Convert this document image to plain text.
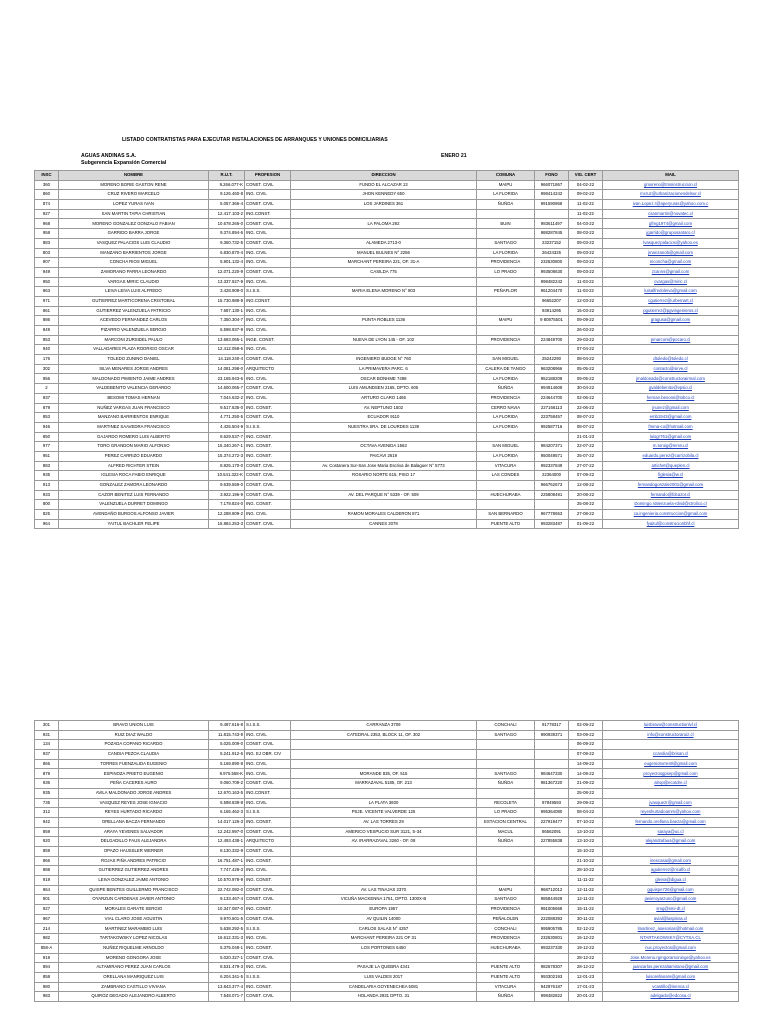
LISTADO CONTRATISTAS PARA EJECUTAR INSTALACIONES DE ARRANQUES Y UNIONES DOMICILIARIAS
AGUAS ANDINAS S.A.
Subgerencia Expansión Comercial
ENERO 21
INSC	NOMBRE	R.U.T.	PROFESION	DIRECCION	COMUNA	FONO	VIG. CERT	MAIL
360	MORENO BORIE GASTON RENE	9.266.077-K	CONST. CIVIL	FUNDO EL ALCAZAR 13	MAIPU	966071867	04-02-22	gmoreno@tmsinstruccion.cl
860	CRUZ RIVERO MARCELO	9.126.460-8	ING. CIVIL	JHON KENNEDY 650	LA FLORIDA	998414242	09-02-22	mcruz@urbanizacionesdelsur.cl
874	LOPEZ YURAS IVAN	5.057.366-4	CONST. CIVIL	LOS JARDINES 361	ÑUÑOA	991590868	11-02-22	ivan.Lopez.r@aperyuras@yahoo.com.c
927	SAN MARTIN TAPIA CHRISTIAN	12.417.103-2	ING.CONST.				11-02-22	csanmartin@novatec.cl
968	MORENO GONZALEZ GONZALO FABIAN	10.678.266-0	CONST. CIVIL	LA PALOMA 292	BUIN	983611497	04-03-22	gfmg1974@gmail.com
958	GARRIDO BARRA JORGE	9.374.894-6	ING. CIVIL			988287845	08-03-22	jgarrido@gruposantaro.cl
883	VASQUEZ PALACIOS LUIS CLAUDIO	9.360.732-5	CONST. CIVIL	ALAMEDA 2713-0	SANTIAGO	23237152	09-03-22	lvasquezpalacios@yahoo.es
803	MANZANO BARRIENTOS JORGE	6.830.870-4	ING. CIVIL	MANUEL BULNES N° 2256	LA FLORIDA	26424325	09-03-22	jmanzanob@gmail.com
907	CONCHA RIOS MIGUEL	5.901.132-4	ING. CIVIL	MARCHANT PEREIRA 221, OF. 31-A	PROVIDENCIA	232630800	09-03-22	mconcha@gmail.com
949	ZAMORANO PARRA LEONARDO	12.071.220-9	CONST. CIVIL	CASILDA 775	LO PRADO	993508630	09-03-22	zcanns@gmail.com
950	VARGAS MIRIC CLAUDIO	13.337.527-9	ING. CIVIL			998482242	11-03-22	cvargas@miric.cl
863	LEIVA LEIVA LUIS ALFREDO	3.428.909-0	S.I.S.S.	MARIA ELENA MORENO N° 803	PEÑAFLOR	961204470	11-03-22	luisalfredoleiva@gmail.com
971	GUTIERREZ MARTICORENA CRISTOBAL	15.730.988-9	ING.CONST.			96652207	12-03-22	cgutierrez@urbemart.cl
861	GUTIERREZ VALENZUELA PATRICIO	7.687.130-1	ING. CIVIL			93914295	15-03-22	pgutierrez@pgvingenieros.cl
886	ACEVEDO FERNANDEZ CARLOS	7.350.304-7	ING. CIVIL	PUNTA ROBLES 1136	MAIPU	9 80875501	09-09-22	gragusa@gmail.com
849	PIZARRO VALENZUELA SERGIO	6.598.937-9	ING. CIVIL				26-03-22	
853	MARCONI ZURSIDEL PAULO	13.683.065-1	INGE. CONST.	NUEVA DE LYON 145 - OF. 102	PROVIDENCIA	224849700	29-03-22	pmarconi@pocaro.cl
940	VALLADARES PLAZA RODRIGO OSCAR	12.412.058-6	ING. CIVIL				07-04-22	
176	TOLEDO ZUNINO DANIEL	14.118.240-4	CONST. CIVIL	INGENIERO BUDGE N° 760	SAN MIGUEL	25242290	08-04-22	dtoledo@toledo.cl
302	SILVA MENARES JORGE ANDRES	14.081.298-0	ARQUITECTO	LA PRIMAVERA PARC. 6	CALERA DE TANGO	963208966	05-05-22	contacto@sirve.cl
956	MALDONADO PIMIENTO JAIME ANDRES	23.165.943-6	ING. CIVIL	OSCAR BONHME 7498	LA FLORIDA	952188209	09-05-22	jmaldonado@constructorairmal.com
2	VALDEBENITO VALENCIA GERARDO	14.600.065-7	CONST. CIVIL	LUIS AMUNDSEN 2165, DPTO. 605	ÑUÑOA	994914609	30-04-22	gvaldebenito@vpsio.cl
937	BESOMI TOMAS HERNAN	7.044.632-2	ING. CIVIL	ARTURO CLARO 1465	PROVIDENCIA	224644700	02-06-22	hernan.besomi@tobco.cl
879	NUÑEZ VARGAS JUAN FRANCISCO	9.517.635-0	ING. CONST.	AV. NEPTUNO 1502	CERRO NAVIA	227166113	22-06-22	jnunez@gmail.com
853	MANZANO BARRIENTOS ENRIQUE	4.771.250-5	CONST. CIVIL	ECUADOR 9110	LA FLORIDA	223758457	08-07-22	emb1943@gmail.com
946	MARTINEZ SAAVEDRA FRANCISCO	4.425.504-9	S.I.S.S.	NUESTRA SRA. DE LOURDES 1139	LA FLORIDA	992587716	08-07-22	fmma-co@hotmail.com
850	GAJARDO ROMERO LUIS ALBERTO	8.629.537-7	ING. CONST.				21-01-23	luisgr761@gmail.com
977	TORO GRANDON MARIO ALFONSO	15.340.267-1	ING. CONST.	OCTAVA AVENIDA 1563	SAN MIGUEL	984207371	22-07-22	m.toroig@mmru.cl
951	PEREZ CARRIZO EDUARDO	15.374.272-3	ING. CONST.	PAICAVI 2619	LA FLORIDA	950049571	25-07-22	eduardo.perez@carrizobila.cl
883	ALFRED RICHTER STEIN	8.825.170-0	CONST. CIVIL	Av. Costanera Sur-San Jose Maria Escriva de Balaguer N° 5773	VITACURA	992337849	27-07-22	artichet@queplen.cl
935	IGLESIA ROCA FABIO ENRIQUE	10.541.322-K	CONST. CIVIL	ROSARIO NORTE 615, PISO 17	LAS CONDES	22364000	07-09-22	figlesia@w.cl
913	GONZALEZ ZAMORA LEONARDO	9.639.559-0	CONST. CIVIL			966762673	12-08-22	fernandogonzalez001@gmail.com
933	CAZOR BENITEZ LUIS FERNANDO	3.922.196-9	CONST. CIVIL	AV. DEL PARQUE N° 5339 - OF. 509	HUECHURABA	225808491	20-08-22	fernando@fdcazor.cl
800	VALENZUELA DURRET DOMINGO	7.179.824-0	ING. CONST.				25-08-22	Domingo.Valenzuela-rdvid@ctrolico.cl
825	AVENDAÑO BURGOS ALFONSO JAVIER	12.288.809-2	ING. CIVIL	RAMON MORALES CALDERON 871	SAN BERNARDO	967778653	27-08-22	ca.ingenieria.construccion@gmail.com
964	YAITUL BACHLER FELIPE	15.884.253-3	CONST. CIVIL	CANNES 2078	PUENTE ALTO	993283487	01-09-22	fyaitul@construcionbhf.cl
301	BRAVO UNION LUIS	9.487.616-8	S.I.S.S.	CARRANZA 3709	CONCHALI	91778317	02-09-22	luisbravo@constructionlvl.cl
931	RUIZ DIAZ WALDO	11.815.743-9	ING. CIVIL	CATEDRAL 2353, BLOCK 11, OF. 302	SANTIAGO	990939371	03-09-22	info@constructoraruiz.cl
134	POZADA COPANO RICARDO	5.025.009-0	CONST. CIVIL				06-09-22	
937	CANDIA PEZOA CLAUDIA	5.241.912-6	ING. EJ OBR. CIV				07-09-22	ccandia@brisan.cl
866	TORRES FUENZALIDA EUGENIO	5.169.890-8	ING. CIVIL				14-09-22	eugeniotorres8@gmail.com
879	ESPINOZA PRIETO EUGENIO	9.975.558-K	ING. CIVIL	MORANDE 835, OF. 515	SANTIAGO	984647330	14-09-22	proyectosgpsep@gmail.com
936	PEÑA CACERES AURO	9.060.709-2	CONST. CIVIL	MARRAZAVAL 5185, OF. 213	ÑUÑOA	981367220	21-09-22	alrop@ecotdre.cl
935	AVILA MALDONADO JORGE ANDRES	12.670.163-5	ING.CONST.				25-08-22	
735	VASQUEZ REYES JOSE IGNACIO	5.598.839-8	ING. CIVIL	LA PLATA 3600	RECOLETA	97849593	29-09-22	jvasquezr@gmail.com
312	REYES HURTADO RICARDO	6.165.462-3	S.I.S.S.	PSJE. VICENTE VALVERDE 125	LO PRADO	995364080	08-04-22	reyeshurtadoamm@yahoo.com
942	ORELLANA BACZA FERNANDO	14.017.126-3	ING. CONST.	AV. LAS TORRES 29	ESTACION CENTRAL	227919477	07-10-22	fernando.orellana.baeza@gmail.com
859	ARAYA YEVENES SALVADOR	12.242.997-0	CONST. CIVIL	AMERICO VESPUCIO SUR 3121, S-34	MACUL	86562091	13-10-22	saraya@uc.cl
920	DELGADILLO FAUS ALEJANDRA	12.493.438-1	ARQUITECTO	AV. IRARRAZAVAL 3260 - OF. 08	ÑUÑOA	227855838	13-10-22	alejandrafaus@gmail.com
859	OPAZO HAUSSLER WERNER	8.130.332-9	CONST. CIVIL				15-10-22	
866	ROJAS PIÑA ANDRES PATRICIO	16.751.487-1	ING. CONST.				21-10-22	inescasa@gmail.com
888	GUTIERREZ GUTIERREZ ANDRES	7.747.429-3	ING. CIVIL				28-10-22	agutierrez@ricalfo.cl
919	LEIVA GONZALEZ JAIME ANTONIO	10.570.978-9	ING. CONST.				11-11-22	gleiva@digua.cl
964	QUISPE BENITES GUILLERMO FRANCISCO	22.742.082-0	CONST. CIVIL	AV. LAS TINAJAS 2370	MAIPU	968712012	12-11-22	gquispe726@gmail.com
901	OYARZUN CARDENAS JAVIER ANTONIO	9.133.467-4	CONST. CIVIL	VICUÑA MACKENNA 1751, DPTO. 1300X-B	SANTIAGO	985844929	12-11-22	javieroyarzunc@gmail.com
927	MORALES GARATE SERGIO	10.347.087-0	ING. CONST.	EUROPA 1967	PROVIDENCIA	991005668	15-11-22	smg@smi-dt.cl
967	VIAL CLARO JOSE AGUSTIN	9.970.601-5	CONST. CIVIL	AV QUILIN 14000	PEÑALOLEN	222088393	30-11-22	avial@laspinas.cl
214	MARTINEZ MARAMBIO LUIS	5.638.292-5	S.I.S.S.	CARLOS SALAS N° 4257	CONCHALI	995905785	02-12-22	lmartinez_asesorias@hotmail.com
982	TARTAKOWSKY LOPEZ NICOLAS	16.612.331-3	ING. CIVIL	MARCHANT PEREIRA 221 OF 31	PROVIDENCIA	232630801	16-12-22	NTARTAKOWSKY@CYTSA.CL
858-A	NUÑEZ RIQUELME ARNOLDO	5.375.048-1	ING. CONST.	LOS PORTONES 6450	HUECHURABA	993237330	19-12-22	nuc.proyectos@gmail.com
919	MORENO GONGORA JOSE	5.020.327-1	CONST. CIVIL				28-12-22	Jose.Moreno.rgmgoramoninge@yahoo.es
894	ALTAMIRANO PEREZ JUAN CARLOS	8.531.479-3	ING. CIVIL	PASAJE LA QUEBRA 4341	PUENTE ALTO	982578307	28-12-22	juancarlos.perezaltamirano@gmail.com
858	ORELLANA MANRIQUEZ LUIS	6.204.341-5	S.I.S.S.	LUIS VALDES 2017	PUENTE ALTO	993302193	12-01-23	luisorellanam@gmail.com
980	ZAMBRANO CASTILLO VIVIANA	13.843.377-4	ING. CONST.	CANDELARIA GOYENECHEA 5081	VITACURA	942976187	17-01-23	vcastillo@inenca.cl
983	QUIROZ DEGADO ALEJANDRO ALBERTO	7.548.071-7	CONST. CIVIL	HOLANDA 2931 DPTO. 31	ÑUÑOA	998482822	20-01-23	adelgado@edcosa.cl
